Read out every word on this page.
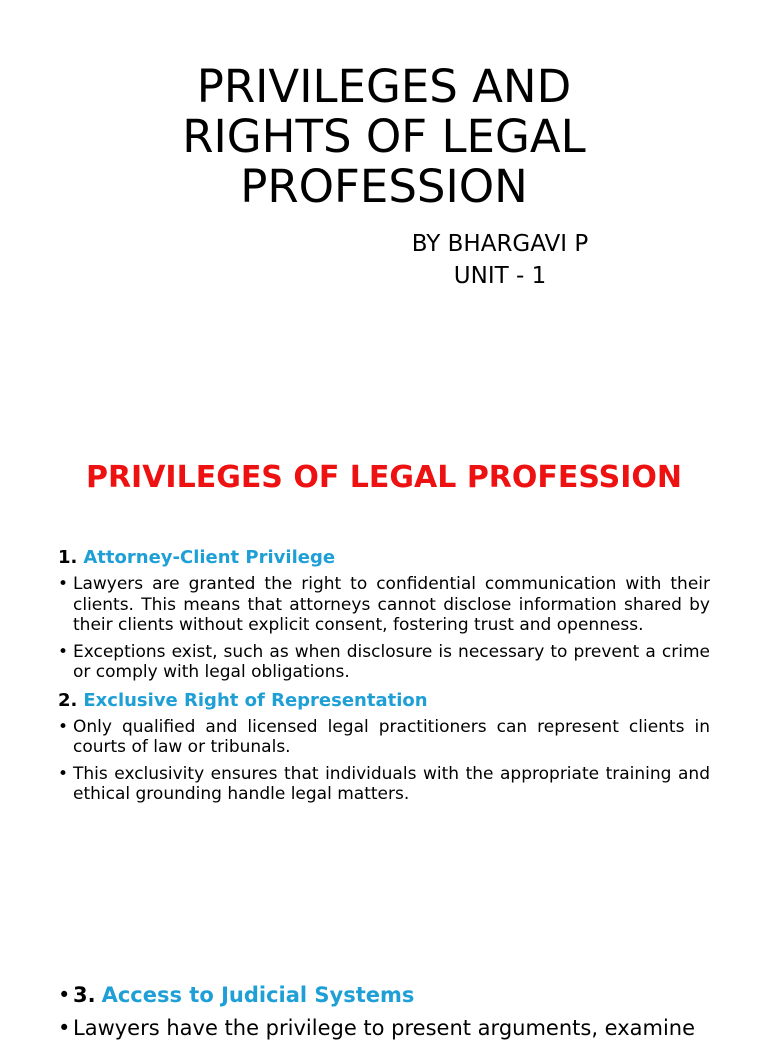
PRIVILEGES AND
RIGHTS OF LEGAL
PROFESSION
BY BHARGAVI P
UNIT - 1
PRIVILEGES OF LEGAL PROFESSION
1. Attorney-Client Privilege
• Lawyers are granted the right to confidential communication with their clients. This means that attorneys cannot disclose information shared by their clients without explicit consent, fostering trust and openness.
• Exceptions exist, such as when disclosure is necessary to prevent a crime or comply with legal obligations.
2. Exclusive Right of Representation
• Only qualified and licensed legal practitioners can represent clients in courts of law or tribunals.
• This exclusivity ensures that individuals with the appropriate training and ethical grounding handle legal matters.
• 3. Access to Judicial Systems
• Lawyers have the privilege to present arguments, examine
